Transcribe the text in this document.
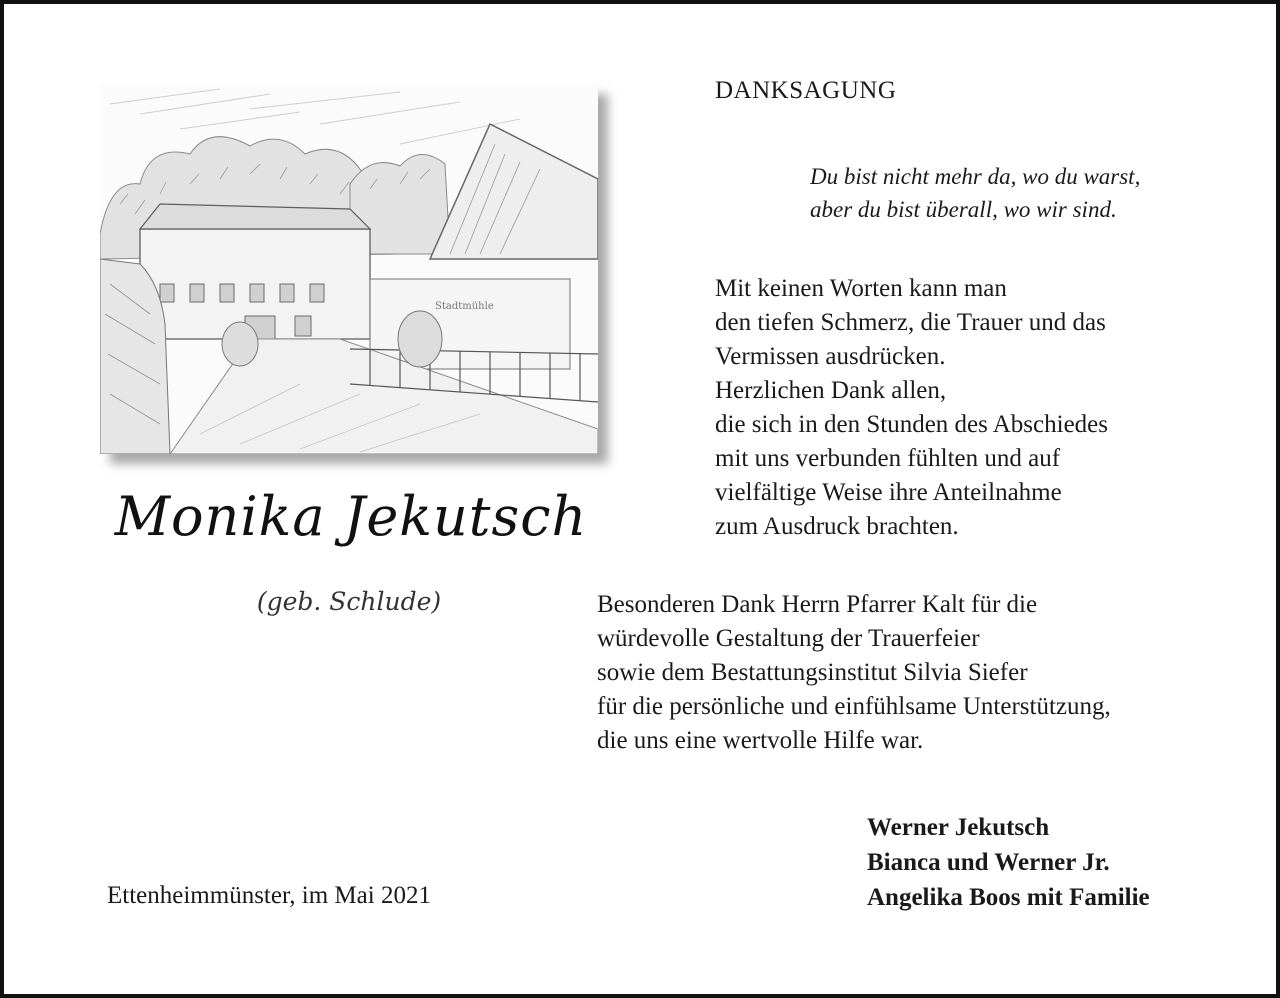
Stadtmühle
Monika Jekutsch
(geb. Schlude)
Ettenheimmünster, im Mai 2021
DANKSAGUNG
Du bist nicht mehr da, wo du warst,
aber du bist überall, wo wir sind.
Mit keinen Worten kann man
den tiefen Schmerz, die Trauer und das
Vermissen ausdrücken.
Herzlichen Dank allen,
die sich in den Stunden des Abschiedes
mit uns verbunden fühlten und auf
vielfältige Weise ihre Anteilnahme
zum Ausdruck brachten.
Besonderen Dank Herrn Pfarrer Kalt für die
würdevolle Gestaltung der Trauerfeier
sowie dem Bestattungsinstitut Silvia Siefer
für die persönliche und einfühlsame Unterstützung,
die uns eine wertvolle Hilfe war.
Werner Jekutsch
Bianca und Werner Jr.
Angelika Boos mit Familie
